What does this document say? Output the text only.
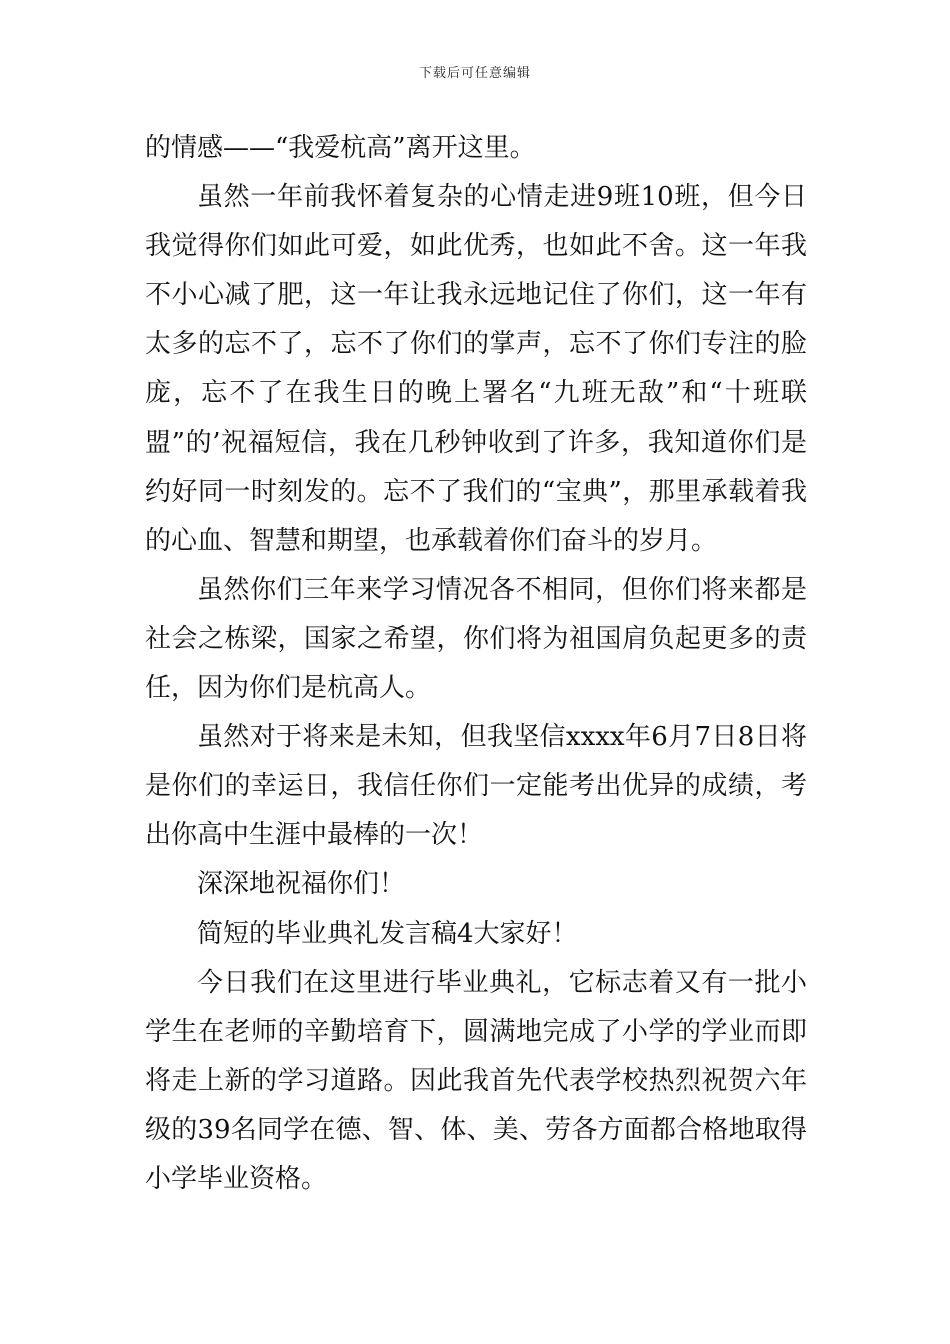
下载后可任意编辑

的情感——“我爱杭高”离开这里。

虽然一年前我怀着复杂的心情走进9班10班，但今日我觉得你们如此可爱，如此优秀，也如此不舍。这一年我不小心减了肥，这一年让我永远地记住了你们，这一年有太多的忘不了，忘不了你们的掌声，忘不了你们专注的脸庞，忘不了在我生日的晚上署名“九班无敌”和“十班联盟”的’祝福短信，我在几秒钟收到了许多，我知道你们是约好同一时刻发的。忘不了我们的“宝典”，那里承载着我的心血、智慧和期望，也承载着你们奋斗的岁月。

虽然你们三年来学习情况各不相同，但你们将来都是社会之栋梁，国家之希望，你们将为祖国肩负起更多的责任，因为你们是杭高人。

虽然对于将来是未知，但我坚信xxxx年6月7日8日将是你们的幸运日，我信任你们一定能考出优异的成绩，考出你高中生涯中最棒的一次！

深深地祝福你们！

简短的毕业典礼发言稿4大家好！

今日我们在这里进行毕业典礼，它标志着又有一批小学生在老师的辛勤培育下，圆满地完成了小学的学业而即将走上新的学习道路。因此我首先代表学校热烈祝贺六年级的39名同学在德、智、体、美、劳各方面都合格地取得小学毕业资格。
